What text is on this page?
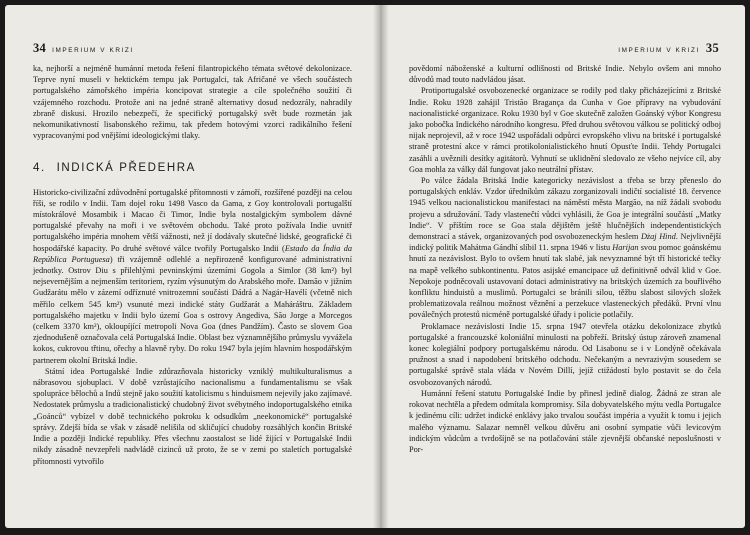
34 IMPERIUM V KRIZI

ka, nejhorší a nejméně humánní metoda řešení filantropického témata světové dekolonizace. Teprve nyní museli v hektickém tempu jak Portugalci, tak Afričané ve všech součástech portugalského zámořského impéria koncipovat strategie a cíle společného soužití či vzájemného rozchodu. Protože ani na jedné straně alternativy dosud nedozrály, nahradily zbraně diskusi. Hrozilo nebezpečí, že specifický portugalský svět bude rozmetán jak nekomunikativností lisabonského režimu, tak předem hotovými vzorci radikálního řešení vypracovanými pod vnějšími ideologickými tlaky.

4. INDICKÁ PŘEDEHRA

Historicko-civilizační zdůvodnění portugalské přítomnosti v zámoří, rozšířené později na celou říši, se rodilo v Indii. Tam dojel roku 1498 Vasco da Gama, z Goy kontrolovali portugalští místokrálové Mosambik i Macao či Timor, Indie byla nostalgickým symbolem dávné portugalské převahy na moři i ve světovém obchodu. Také proto požívala Indie uvnitř portugalského impéria mnohem větší vážnosti, než jí dodávaly skutečné lidské, geografické či hospodářské kapacity. Po druhé světové válce tvořily Portugalsko Indii (Estado da Índia da República Portuguesa) tři vzájemně odlehlé a nepřirozeně konfigurované administrativní jednotky. Ostrov Diu s přilehlými pevninskými územími Gogola a Simlor (38 km²) byl nejsevernějším a nejmenším teritoriem, ryzím výsunutým do Arabského moře. Damão v jižním Gudžarátu mělo v zázemí odříznuté vnitrozemní součásti Dádrá a Nagár-Havélí (včetně nich měřilo celkem 545 km²) vsunuté mezi indické státy Gudžarát a Maháráštru. Základem portugalského majetku v Indii bylo území Goa s ostrovy Angediva, São Jorge a Morcegos (celkem 3370 km²), okloupíjící metropoli Nova Goa (dnes Pandžím). Často se slovem Goa zjednodušeně označovala celá Portugalská Indie. Oblast bez významnějšího průmyslu vyvážela kokos, cukrovou třtinu, ořechy a hlavně ryby. Do roku 1947 byla jejím hlavním hospodářským partnerem okolní Britská Indie.

Státní idea Portugalské Indie zdůrazňovala historicky vzniklý multikulturalismus a nábrasovou sjobuplaci. V době vzrůstajícího nacionalismu a fundamentalismu se však spolupráce bělochů a Indů stejně jako soužití katolicismu s hinduismem nejevily jako zajímavé. Nedostatek průmyslu a tradicionalistický chudobný život svébytného indoportugalského etnika „Goánců“ vybízel v době technického pokroku k odsudkům „neekonomické“ portugalské správy. Zdejší bída se však v zásadě nelišila od skličující chudoby rozsáhlých končin Britské Indie a později Indické republiky. Přes všechnu zaostalost se lidé žijící v Portugalské Indii nikdy zásadně nevzepřeli nadvládě cizinců už proto, že se v zemi po staletích portugalské přítomnosti vytvořilo

IMPERIUM V KRIZI 35

povědomí náboženské a kulturní odlišnosti od Britské Indie. Nebylo ovšem ani mnoho důvodů mad touto nadvládou jásat.

Protiportugalské osvobozenecké organizace se rodily pod tlaky přicházejícími z Britské Indie. Roku 1928 zahájil Tristão Bragança da Cunha v Goe přípravy na vybudování nacionalistické organizace. Roku 1930 byl v Goe skutečně založen Goánský výbor Kongresu jako pobočka Indického národního kongresu. Před druhou světovou válkou se politický odboj nijak neprojevil, až v roce 1942 uspořádali odpůrci evropského vlivu na britské i portugalské straně protestní akce v rámci protikolonialistického hnutí Opusťte Indii. Tehdy Portugalci zasáhli a uvěznili desítky agitátorů. Vyhnutí se uklidnění sledovalo ze všeho nejvíce cíl, aby Goa mohla za války dál fungovat jako neutrální přístav.

Po válce žádala Britská Indie kategoricky nezávislost a třeba se brzy přeneslo do portugalských enkláv. Vzdor úředníkům zákazu zorganizovali indičtí socialisté 18. července 1945 velkou nacionalistickou manifestaci na náměstí města Margão, na níž žádali svobodu projevu a sdružování. Tady vlastenečtí vůdci vyhlásili, že Goa je integrální součástí „Matky Indie“. V příštím roce se Goa stala dějištěm ještě hlučnějších independentistických demonstrací a stávek, organizovaných pod osvobozeneckým heslem Dżaj Hind. Nejvlivnější indický politik Mahátma Gándhí slíbil 11. srpna 1946 v listu Harijan svou pomoc goánskému hnutí za nezávislost. Bylo to ovšem hnutí tak slabé, jak nevyznamné být tří historické tečky na mapě velkého subkontinentu. Patos asijské emancipace už definitivně odvál klid v Goe. Nepokoje podněcovali ustavovaní dotaci administrativy na britských územích za bouřlivého konfliktu hinduistů a muslimů. Portugalci se bránili silou, těžbu slabost silových složek problematizovala reálnou možnost věznění a perzekuce vlasteneckých předáků. První vlnu poválečných protestů nicméně portugalské úřady i policie potlačily.

Proklamace nezávislosti Indie 15. srpna 1947 otevřela otázku dekolonizace zbytků portugalské a francouzské koloniální minulosti na pobřeží. Britský ústup zároveň znamenal konec kolegiální podpory portugalskému národu. Od Lisabonu se i v Londýně očekávala pružnost a snad i napodobení britského odchodu. Nečekaným a nevrazivým sousedem se portugalské správě stala vláda v Novém Dillí, jejíž ctižádostí bylo postavit se do čela osvobozovaných národů.

Humánní řešení statutu Portugalské Indie by přinesl jedině dialog. Žádná ze stran ale rokovat nechtěla a předem odmítala kompromisy. Síla dobyvatelského mýtu vedla Portugalce k jedinému cíli: udržet indické enklávy jako trvalou součást impéria a využít k tomu i jejich malého významu. Salazar nemněl velkou důvěru ani osobní sympatie vůči levicovým indickým vůdcům a tvrdošíjně se na potlačování stále zjevnější občanské neposlušnosti v Por-
